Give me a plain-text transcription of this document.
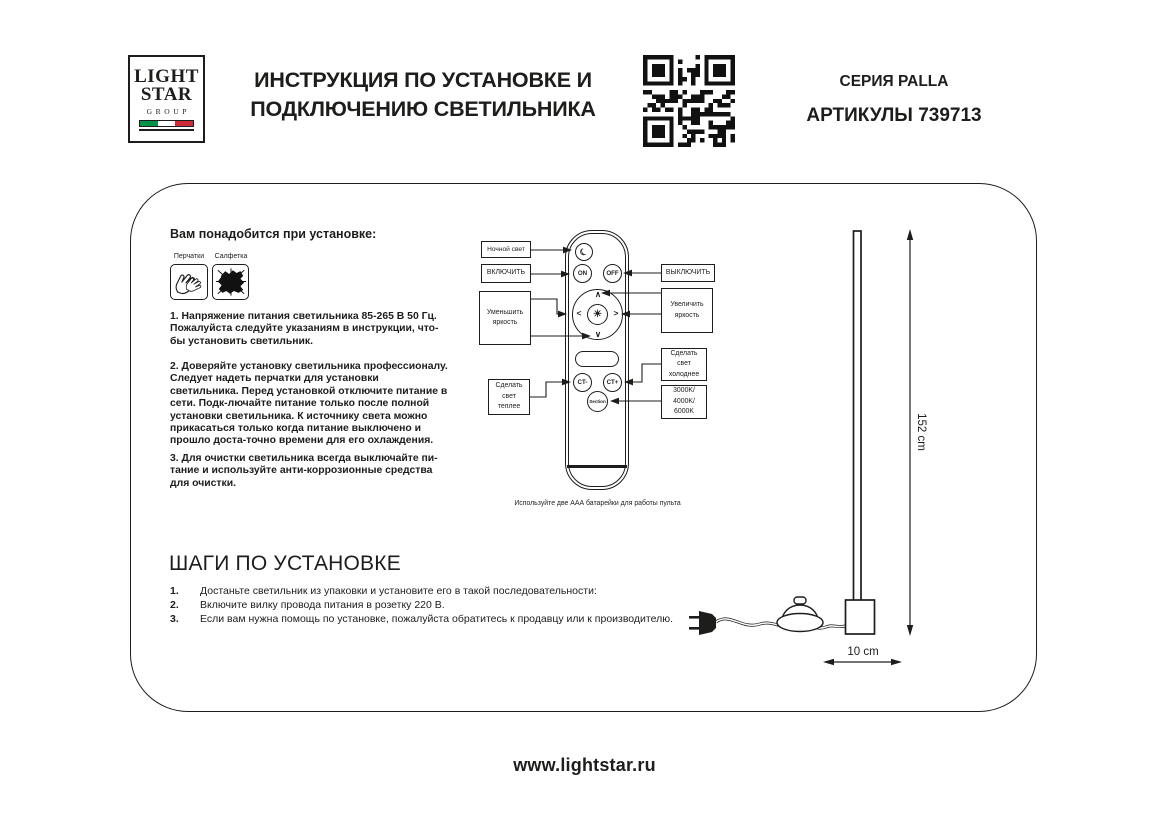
LIGHT
STAR
GROUP
ИНСТРУКЦИЯ ПО УСТАНОВКЕ И
ПОДКЛЮЧЕНИЮ СВЕТИЛЬНИКА
СЕРИЯ PALLA
АРТИКУЛЫ 739713
Вам понадобится при установке:
Перчатки	Салфетка
1. Напряжение питания светильника 85-265 В 50 Гц. Пожалуйста следуйте указаниям в инструкции, что-бы установить светильник.
2. Доверяйте установку светильника профессионалу. Следует надеть перчатки для установки светильника. Перед установкой отключите питание в сети. Подк-лючайте питание только после полной установки светильника. К источнику света можно прикасаться только когда питание выключено и прошло доста-точно времени для его охлаждения.
3. Для очистки светильника всегда выключайте пи-тание и используйте анти-коррозионные средства для очистки.
☾
ON	OFF
∧
∨
<	>
☀
CT-	CT+
Section
Ночной свет
ВКЛЮЧИТЬ
Уменьшить
яркость
Сделать
свет
теплее
ВЫКЛЮЧИТЬ
Увеличить
яркость
Сделать
свет
холоднее
3000K/
4000K/
6000K
Используйте две ААА батарейки для работы пульта
ШАГИ ПО УСТАНОВКЕ
1.	Достаньте светильник из упаковки и установите его в такой последовательности:
2.	Включите вилку провода питания в розетку 220 В.
3.	Если вам нужна помощь по установке, пожалуйста обратитесь к продавцу или к производителю.
152 cm
10 cm
www.lightstar.ru
